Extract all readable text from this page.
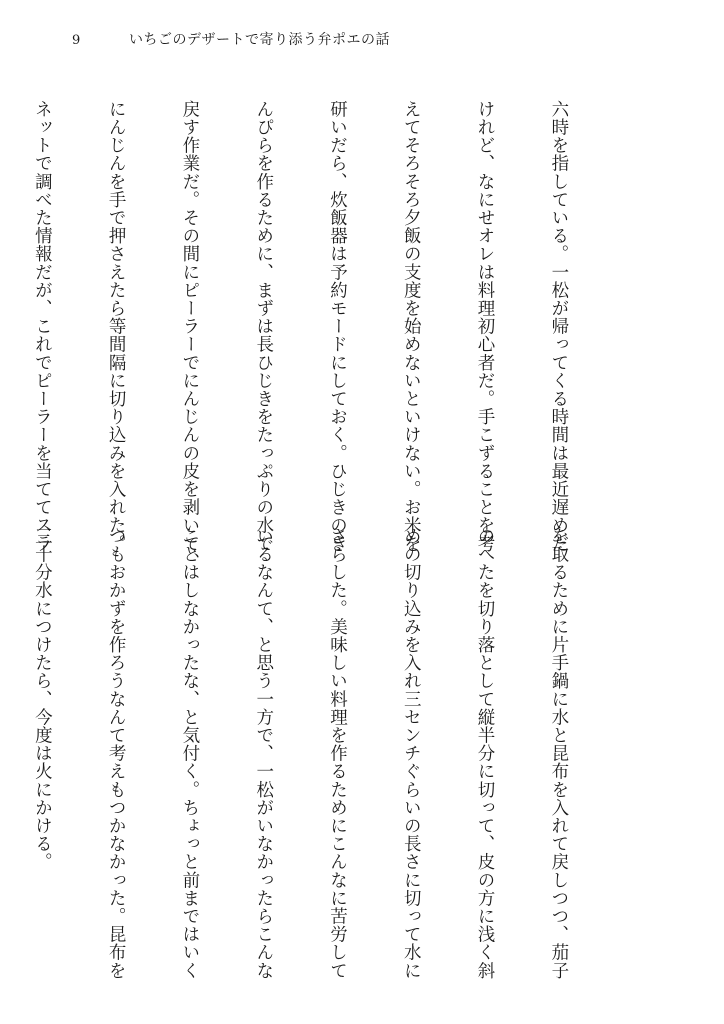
9	いちごのデザートで寄り添う弁ポエの話

六時を指している。一松が帰ってくる時間は最近遅めだ

けれど、なにせオレは料理初心者だ。手こずることを考

えてそろそろ夕飯の支度を始めないといけない。お米を

研いだら、炊飯器は予約モードにしておく。ひじきのき

んぴらを作るために、まずは長ひじきをたっぷりの水で

戻す作業だ。その間にピーラーでにんじんの皮を剥いて、

にんじんを手で押さえたら等間隔に切り込みを入れた。

ネットで調べた情報だが、これでピーラーを当ててスラ

を取るために片手鍋に水と昆布を入れて戻しつつ、茄子

のへたを切り落として縦半分に切って、皮の方に浅く斜

めの切り込みを入れ三センチぐらいの長さに切って水に

さらした。美味しい料理を作るためにこんなに苦労して

いるなんて、と思う一方で、一松がいなかったらこんな

ことはしなかったな、と気付く。ちょっと前まではいく

つもおかずを作ろうなんて考えもつかなかった。昆布を

三十分水につけたら、今度は火にかける。
